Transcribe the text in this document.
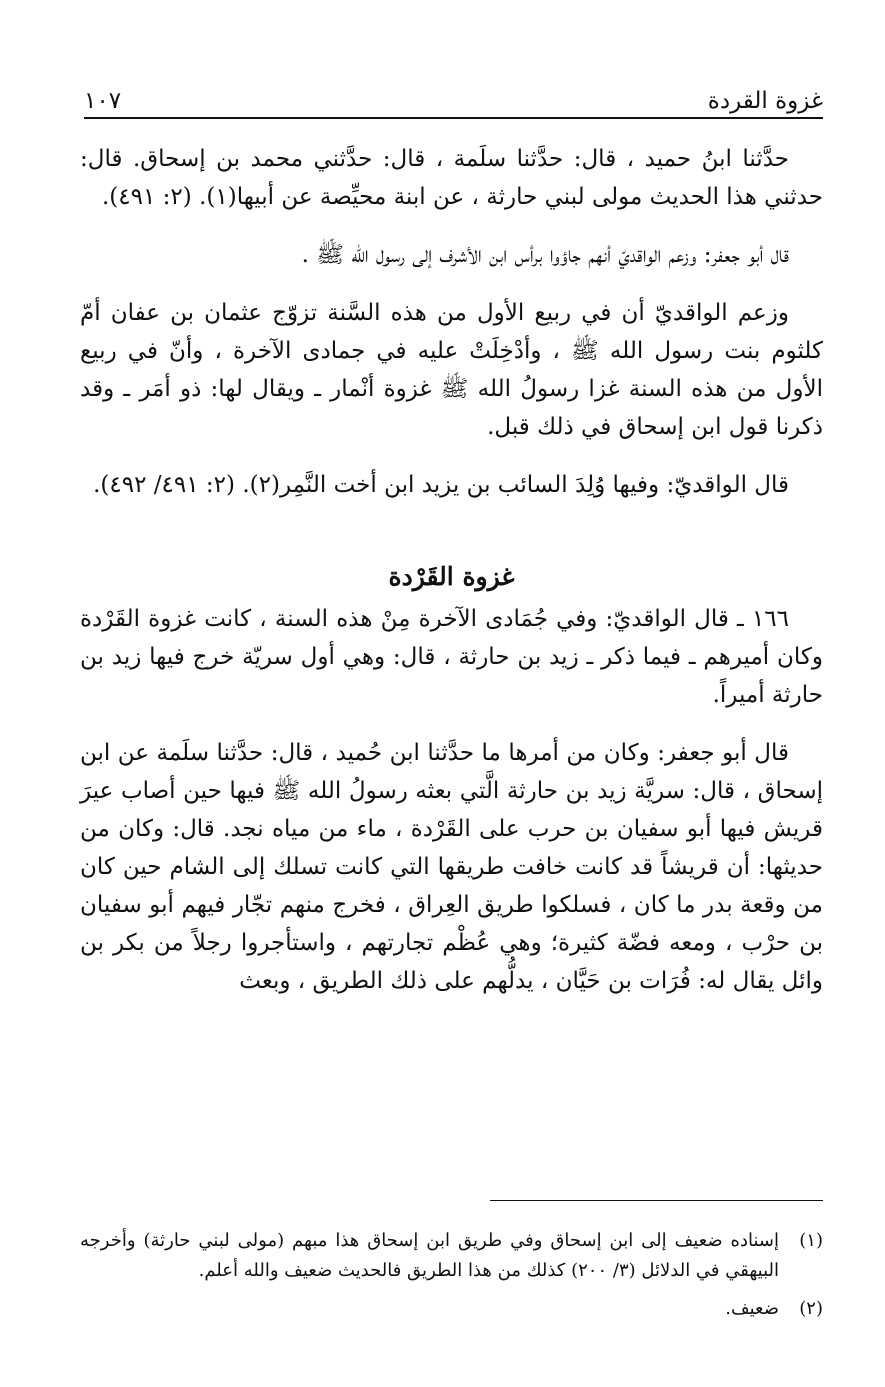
غزوة القردة
١٠٧

حدَّثنا ابنُ حميد ، قال: حدَّثنا سلَمة ، قال: حدَّثني محمد بن إسحاق. قال: حدثني هذا الحديث مولى لبني حارثة ، عن ابنة محيِّصة عن أبيها(١). (٢: ٤٩١).

قال أبو جعفر: وزعم الواقديّ أنهم جاؤوا برأس ابن الأشرف إلى رسول الله ﷺ .

وزعم الواقديّ أن في ربيع الأول من هذه السَّنة تزوّج عثمان بن عفان أمّ كلثوم بنت رسول الله ﷺ ، وأدْخِلَتْ عليه في جمادى الآخرة ، وأنّ في ربيع الأول من هذه السنة غزا رسولُ الله ﷺ غزوة أنْمار ـ ويقال لها: ذو أمَر ـ وقد ذكرنا قول ابن إسحاق في ذلك قبل.

قال الواقديّ: وفيها وُلِدَ السائب بن يزيد ابن أخت النَّمِر(٢). (٢: ٤٩١/ ٤٩٢).

غزوة القَرْدة

١٦٦ ـ قال الواقديّ: وفي جُمَادى الآخرة مِنْ هذه السنة ، كانت غزوة القَرْدة وكان أميرهم ـ فيما ذكر ـ زيد بن حارثة ، قال: وهي أول سريّة خرج فيها زيد بن حارثة أميراً.

قال أبو جعفر: وكان من أمرها ما حدَّثنا ابن حُميد ، قال: حدَّثنا سلَمة عن ابن إسحاق ، قال: سريَّة زيد بن حارثة الَّتي بعثه رسولُ الله ﷺ فيها حين أصاب عيرَ قريش فيها أبو سفيان بن حرب على القَرْدة ، ماء من مياه نجد. قال: وكان من حديثها: أن قريشاً قد كانت خافت طريقها التي كانت تسلك إلى الشام حين كان من وقعة بدر ما كان ، فسلكوا طريق العِراق ، فخرج منهم تجّار فيهم أبو سفيان بن حرْب ، ومعه فضّة كثيرة؛ وهي عُظْم تجارتهم ، واستأجروا رجلاً من بكر بن وائل يقال له: فُرَات بن حَيَّان ، يدلُّهم على ذلك الطريق ، وبعث

(١)
إسناده ضعيف إلى ابن إسحاق وفي طريق ابن إسحاق هذا مبهم (مولى لبني حارثة) وأخرجه البيهقي في الدلائل (٣/ ٢٠٠) كذلك من هذا الطريق فالحديث ضعيف والله أعلم.
(٢)
ضعيف.
